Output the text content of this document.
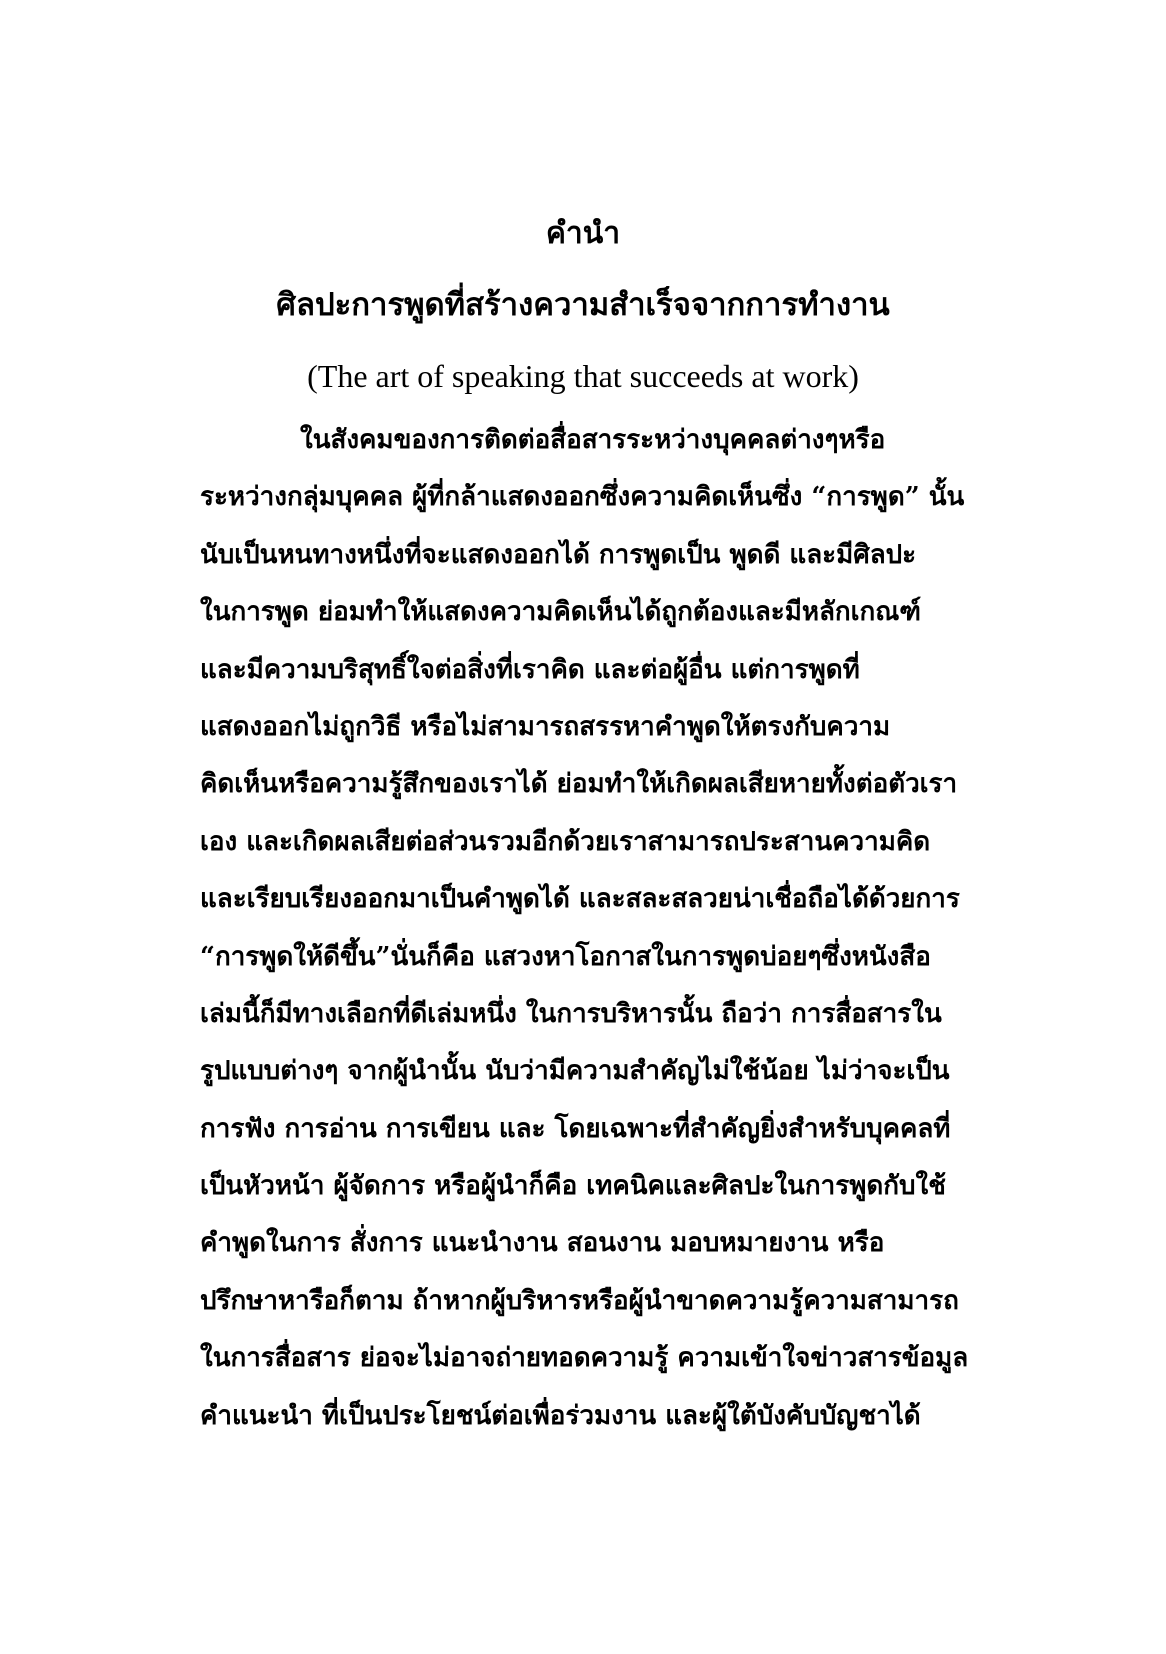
คำนำ
ศิลปะการพูดที่สร้างความสำเร็จจากการทำงาน

(The art of speaking that succeeds at work)

ในสังคมของการติดต่อสื่อสารระหว่างบุคคลต่างๆหรือ
ระหว่างกลุ่มบุคคล ผู้ที่กล้าแสดงออกซึ่งความคิดเห็นซึ่ง “การพูด” นั้น
นับเป็นหนทางหนึ่งที่จะแสดงออกได้ การพูดเป็น พูดดี และมีศิลปะ
ในการพูด ย่อมทำให้แสดงความคิดเห็นได้ถูกต้องและมีหลักเกณฑ์
และมีความบริสุทธิ์ใจต่อสิ่งที่เราคิด และต่อผู้อื่น แต่การพูดที่
แสดงออกไม่ถูกวิธี หรือไม่สามารถสรรหาคำพูดให้ตรงกับความ
คิดเห็นหรือความรู้สึกของเราได้ ย่อมทำให้เกิดผลเสียหายทั้งต่อตัวเรา
เอง และเกิดผลเสียต่อส่วนรวมอีกด้วยเราสามารถประสานความคิด
และเรียบเรียงออกมาเป็นคำพูดได้ และสละสลวยน่าเชื่อถือได้ด้วยการ
“การพูดให้ดีขึ้น”นั่นก็คือ แสวงหาโอกาสในการพูดบ่อยๆซึ่งหนังสือ
เล่มนี้ก็มีทางเลือกที่ดีเล่มหนึ่ง ในการบริหารนั้น ถือว่า การสื่อสารใน
รูปแบบต่างๆ จากผู้นำนั้น นับว่ามีความสำคัญไม่ใช้น้อย ไม่ว่าจะเป็น
การฟัง การอ่าน การเขียน และ โดยเฉพาะที่สำคัญยิ่งสำหรับบุคคลที่
เป็นหัวหน้า ผู้จัดการ หรือผู้นำก็คือ เทคนิคและศิลปะในการพูดกับใช้
คำพูดในการ สั่งการ แนะนำงาน สอนงาน มอบหมายงาน หรือ
ปรึกษาหารือก็ตาม ถ้าหากผู้บริหารหรือผู้นำขาดความรู้ความสามารถ
ในการสื่อสาร ย่อจะไม่อาจถ่ายทอดความรู้ ความเข้าใจข่าวสารข้อมูล
คำแนะนำ ที่เป็นประโยชน์ต่อเพื่อร่วมงาน และผู้ใต้บังคับบัญชาได้
